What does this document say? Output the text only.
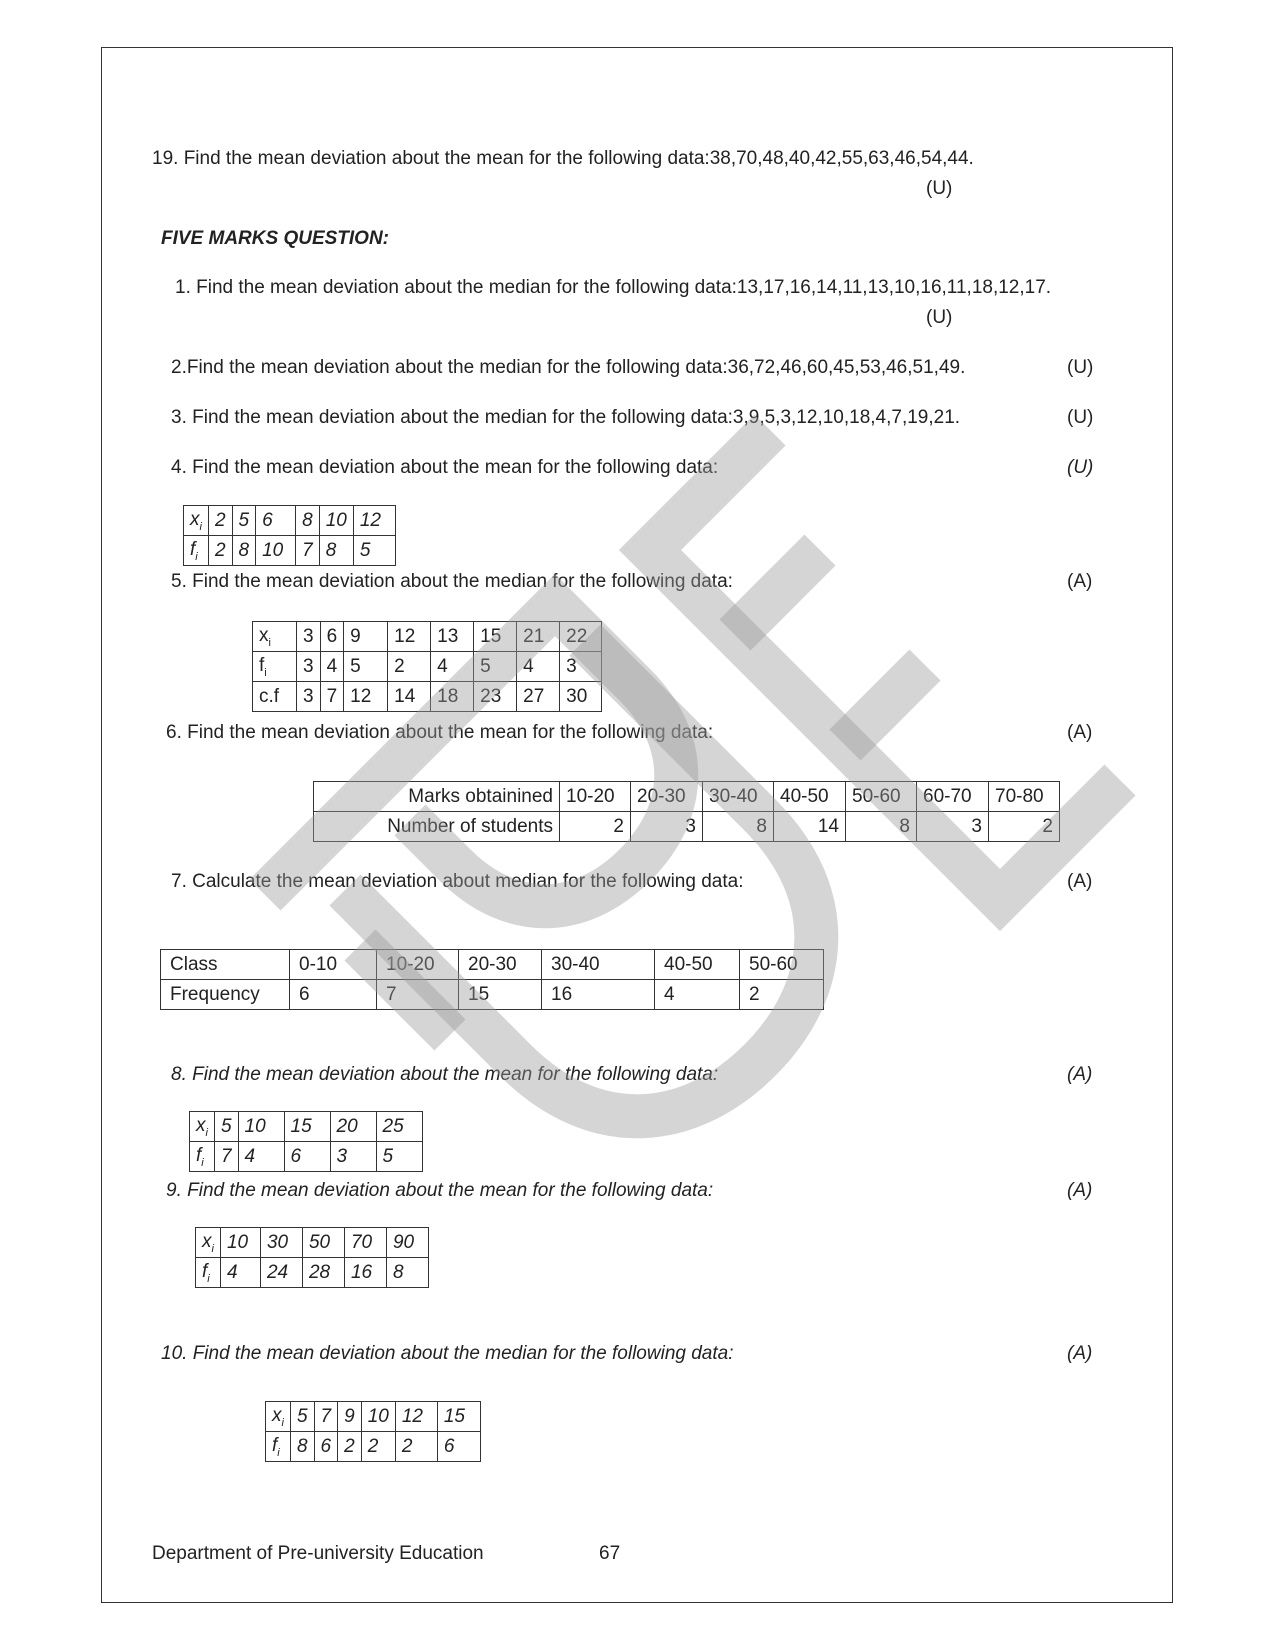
19. Find the mean deviation about the mean for the following data:38,70,48,40,42,55,63,46,54,44.
(U)
FIVE MARKS QUESTION:
1. Find the mean deviation about the median for the following data:13,17,16,14,11,13,10,16,11,18,12,17.
(U)
2.Find the mean deviation about the median for the following data:36,72,46,60,45,53,46,51,49.	(U)
3. Find the mean deviation about the median for the following data:3,9,5,3,12,10,18,4,7,19,21.	(U)
4. Find the mean deviation about the mean for the following data:	(U)
$x_i$	2	5	6	8	10	12
$f_i$	2	8	10	7	8	5
5. Find the mean deviation about the median for the following data:	(A)
$x_i$	3	6	9	12	13	15	21	22
$f_i$	3	4	5	2	4	5	4	3
c.f	3	7	12	14	18	23	27	30
6. Find the mean deviation about the mean for the following data:	(A)
Marks obtainined	10-20	20-30	30-40	40-50	50-60	60-70	70-80
Number of students	2	3	8	14	8	3	2
7. Calculate the mean deviation about median for the following data:	(A)
Class	0-10	10-20	20-30	30-40	40-50	50-60
Frequency	6	7	15	16	4	2
8. Find the mean deviation about the mean for the following data:	(A)
$x_i$	5	10	15	20	25
$f_i$	7	4	6	3	5
9. Find the mean deviation about the mean for the following data:	(A)
$x_i$	10	30	50	70	90
$f_i$	4	24	28	16	8
10. Find the mean deviation about the median for the following data:	(A)
$x_i$	5	7	9	10	12	15
$f_i$	8	6	2	2	2	6
Department of Pre-university Education	67
